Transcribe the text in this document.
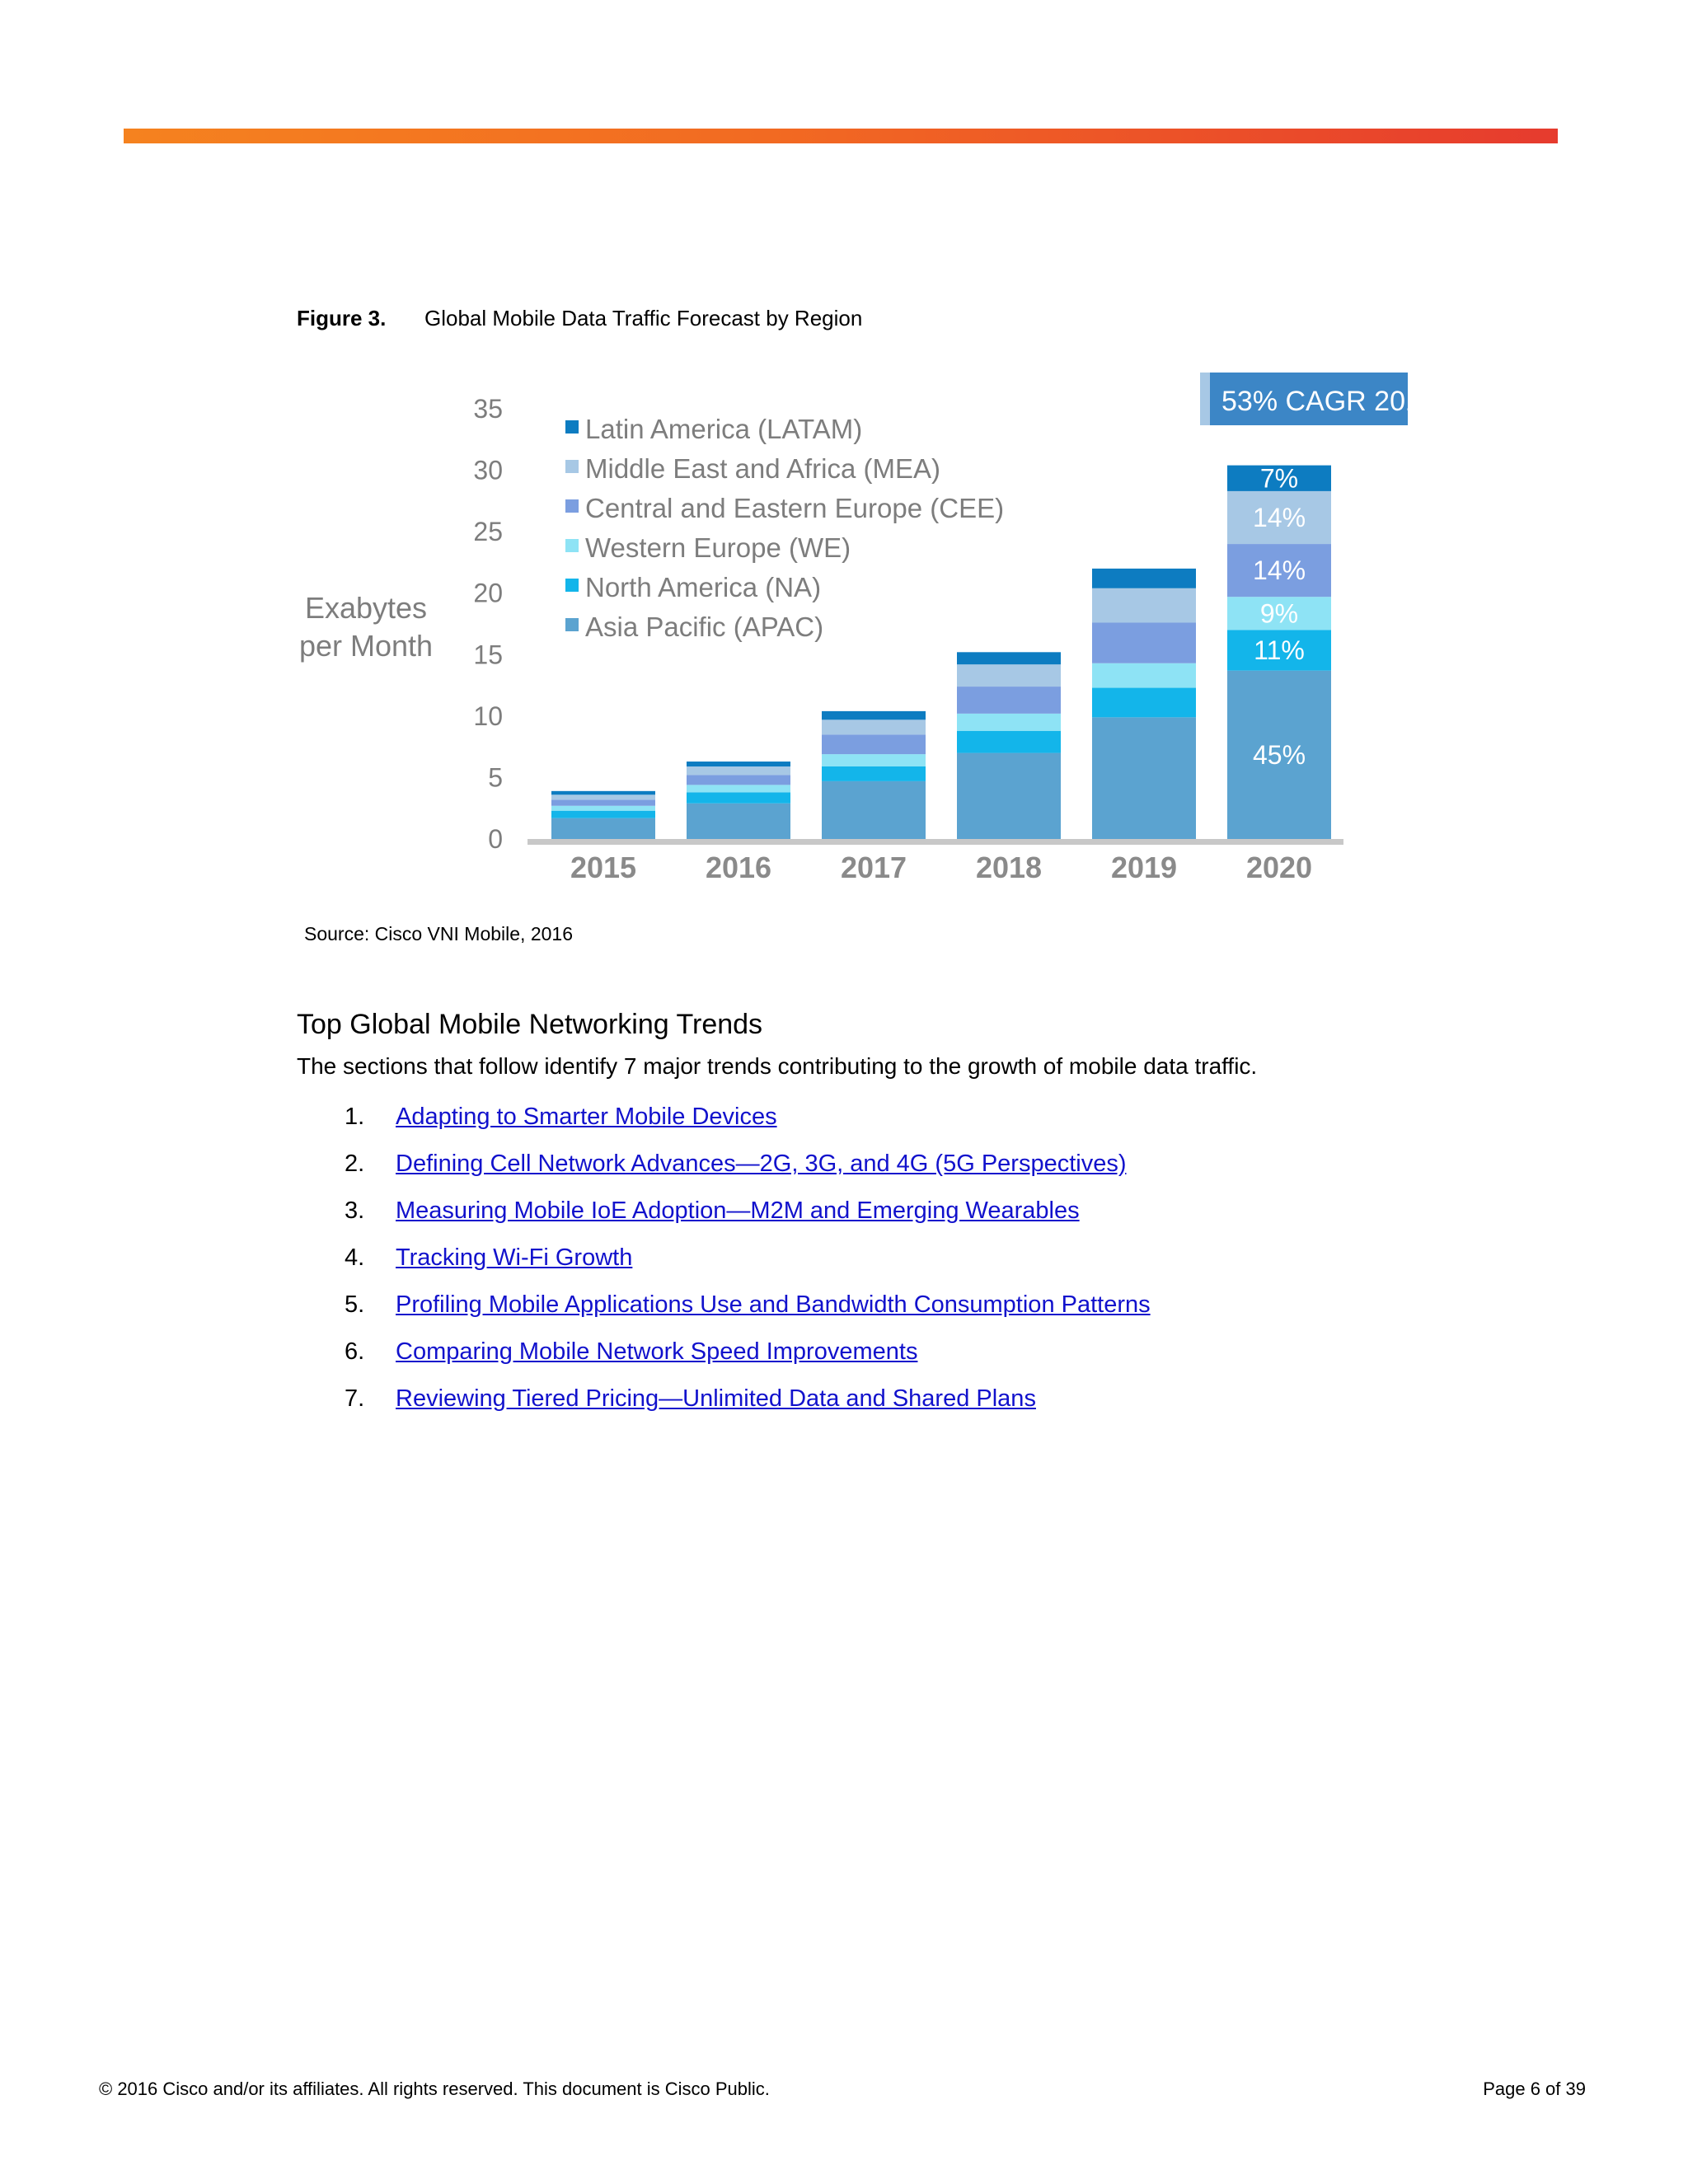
Figure 3. Global Mobile Data Traffic Forecast by Region
0
5
10
15
20
25
30
35
Exabytes
per Month
2015 2016 2017 2018 2019 2020
45%
11%
9%
14%
14%
7%
Latin America (LATAM)
Middle East and Africa (MEA)
Central and Eastern Europe (CEE)
Western Europe (WE)
North America (NA)
Asia Pacific (APAC)
53% CAGR 2015–2020
Source: Cisco VNI Mobile, 2016
Top Global Mobile Networking Trends
The sections that follow identify 7 major trends contributing to the growth of mobile data traffic.
1.	Adapting to Smarter Mobile Devices
2.	Defining Cell Network Advances—2G, 3G, and 4G (5G Perspectives)
3.	Measuring Mobile IoE Adoption—M2M and Emerging Wearables
4.	Tracking Wi-Fi Growth
5.	Profiling Mobile Applications Use and Bandwidth Consumption Patterns
6.	Comparing Mobile Network Speed Improvements
7.	Reviewing Tiered Pricing—Unlimited Data and Shared Plans
© 2016 Cisco and/or its affiliates. All rights reserved. This document is Cisco Public.	Page 6 of 39
